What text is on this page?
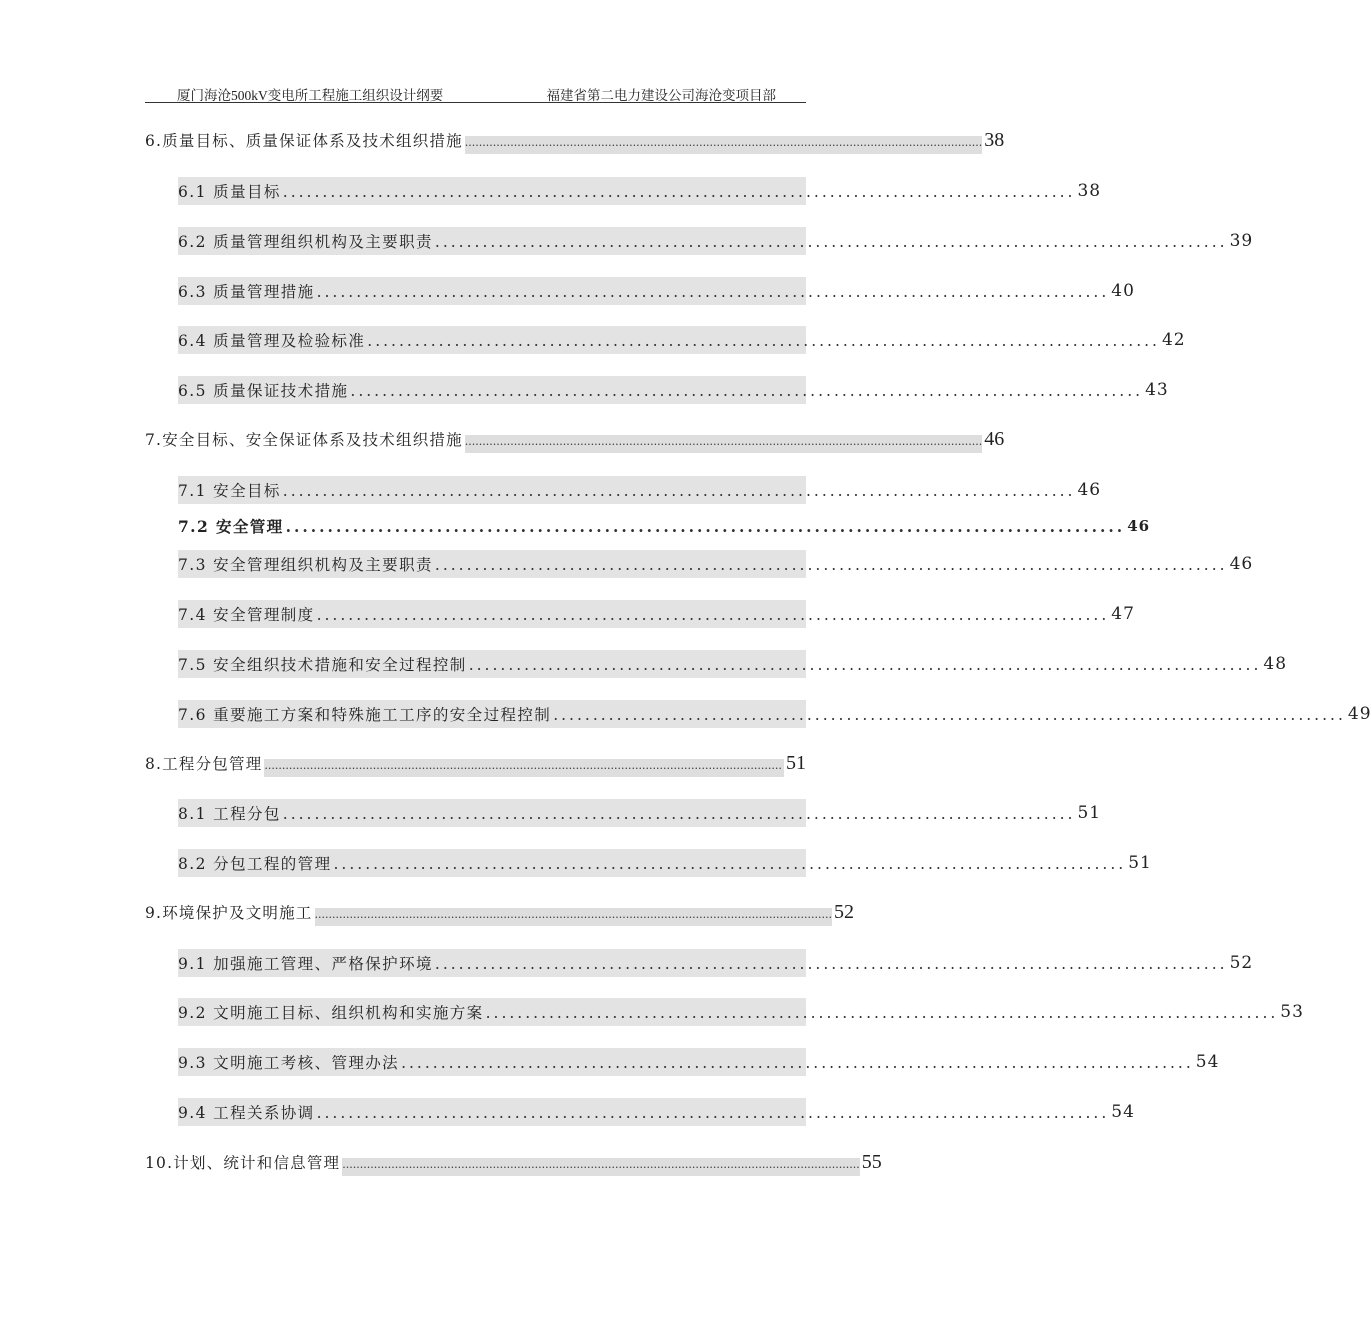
厦门海沧500kV变电所工程施工组织设计纲要	福建省第二电力建设公司海沧变项目部
6.质量目标、质量保证体系及技术组织措施 .................................................................................................................................................... 38
6.1 质量目标 .................................................................................................... 38
6.2 质量管理组织机构及主要职责 .................................................................................................... 39
6.3 质量管理措施 .................................................................................................... 40
6.4 质量管理及检验标准 .................................................................................................... 42
6.5 质量保证技术措施 .................................................................................................... 43
7.安全目标、安全保证体系及技术组织措施 .................................................................................................................................................... 46
7.1 安全目标 .................................................................................................... 46
7.2 安全管理 .................................................................................................... 46
7.3 安全管理组织机构及主要职责 .................................................................................................... 46
7.4 安全管理制度 .................................................................................................... 47
7.5 安全组织技术措施和安全过程控制 .................................................................................................... 48
7.6 重要施工方案和特殊施工工序的安全过程控制 .................................................................................................... 49
8.工程分包管理 .................................................................................................................................................... 51
8.1 工程分包 .................................................................................................... 51
8.2 分包工程的管理 .................................................................................................... 51
9.环境保护及文明施工 .................................................................................................................................................... 52
9.1 加强施工管理、严格保护环境 .................................................................................................... 52
9.2 文明施工目标、组织机构和实施方案 .................................................................................................... 53
9.3 文明施工考核、管理办法 .................................................................................................... 54
9.4 工程关系协调 .................................................................................................... 54
10.计划、统计和信息管理 .................................................................................................................................................... 55
